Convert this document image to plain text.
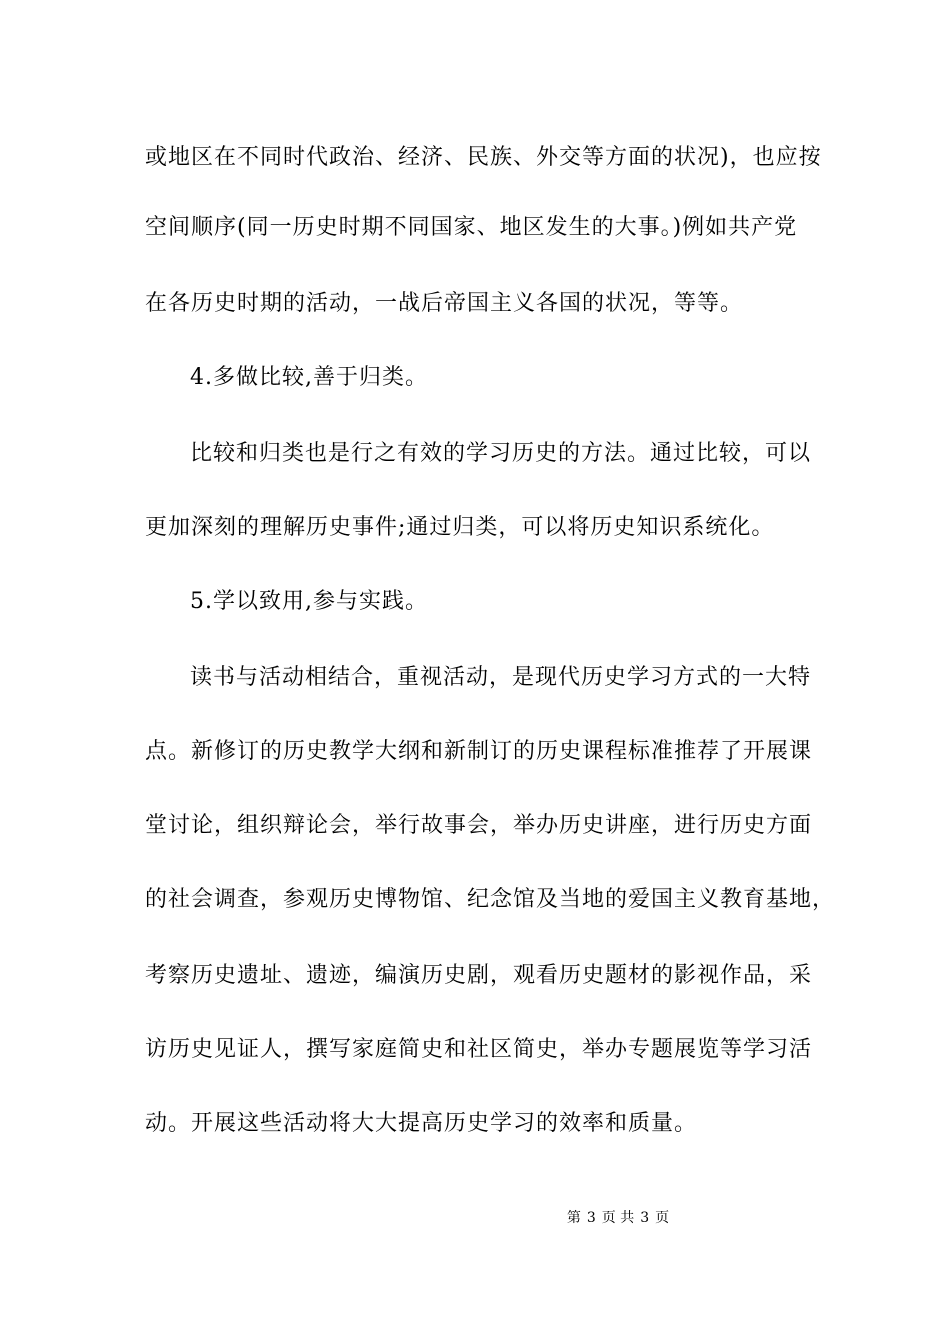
或地区在不同时代政治、经济、民族、外交等方面的状况)，也应按
空间顺序(同一历史时期不同国家、地区发生的大事。)例如共产党
在各历史时期的活动，一战后帝国主义各国的状况，等等。
4.多做比较,善于归类。
比较和归类也是行之有效的学习历史的方法。通过比较，可以
更加深刻的理解历史事件;通过归类，可以将历史知识系统化。
5.学以致用,参与实践。
读书与活动相结合，重视活动，是现代历史学习方式的一大特
点。新修订的历史教学大纲和新制订的历史课程标准推荐了开展课
堂讨论，组织辩论会，举行故事会，举办历史讲座，进行历史方面
的社会调查，参观历史博物馆、纪念馆及当地的爱国主义教育基地，
考察历史遗址、遗迹，编演历史剧，观看历史题材的影视作品，采
访历史见证人，撰写家庭简史和社区简史，举办专题展览等学习活
动。开展这些活动将大大提高历史学习的效率和质量。
第 3 页 共 3 页
